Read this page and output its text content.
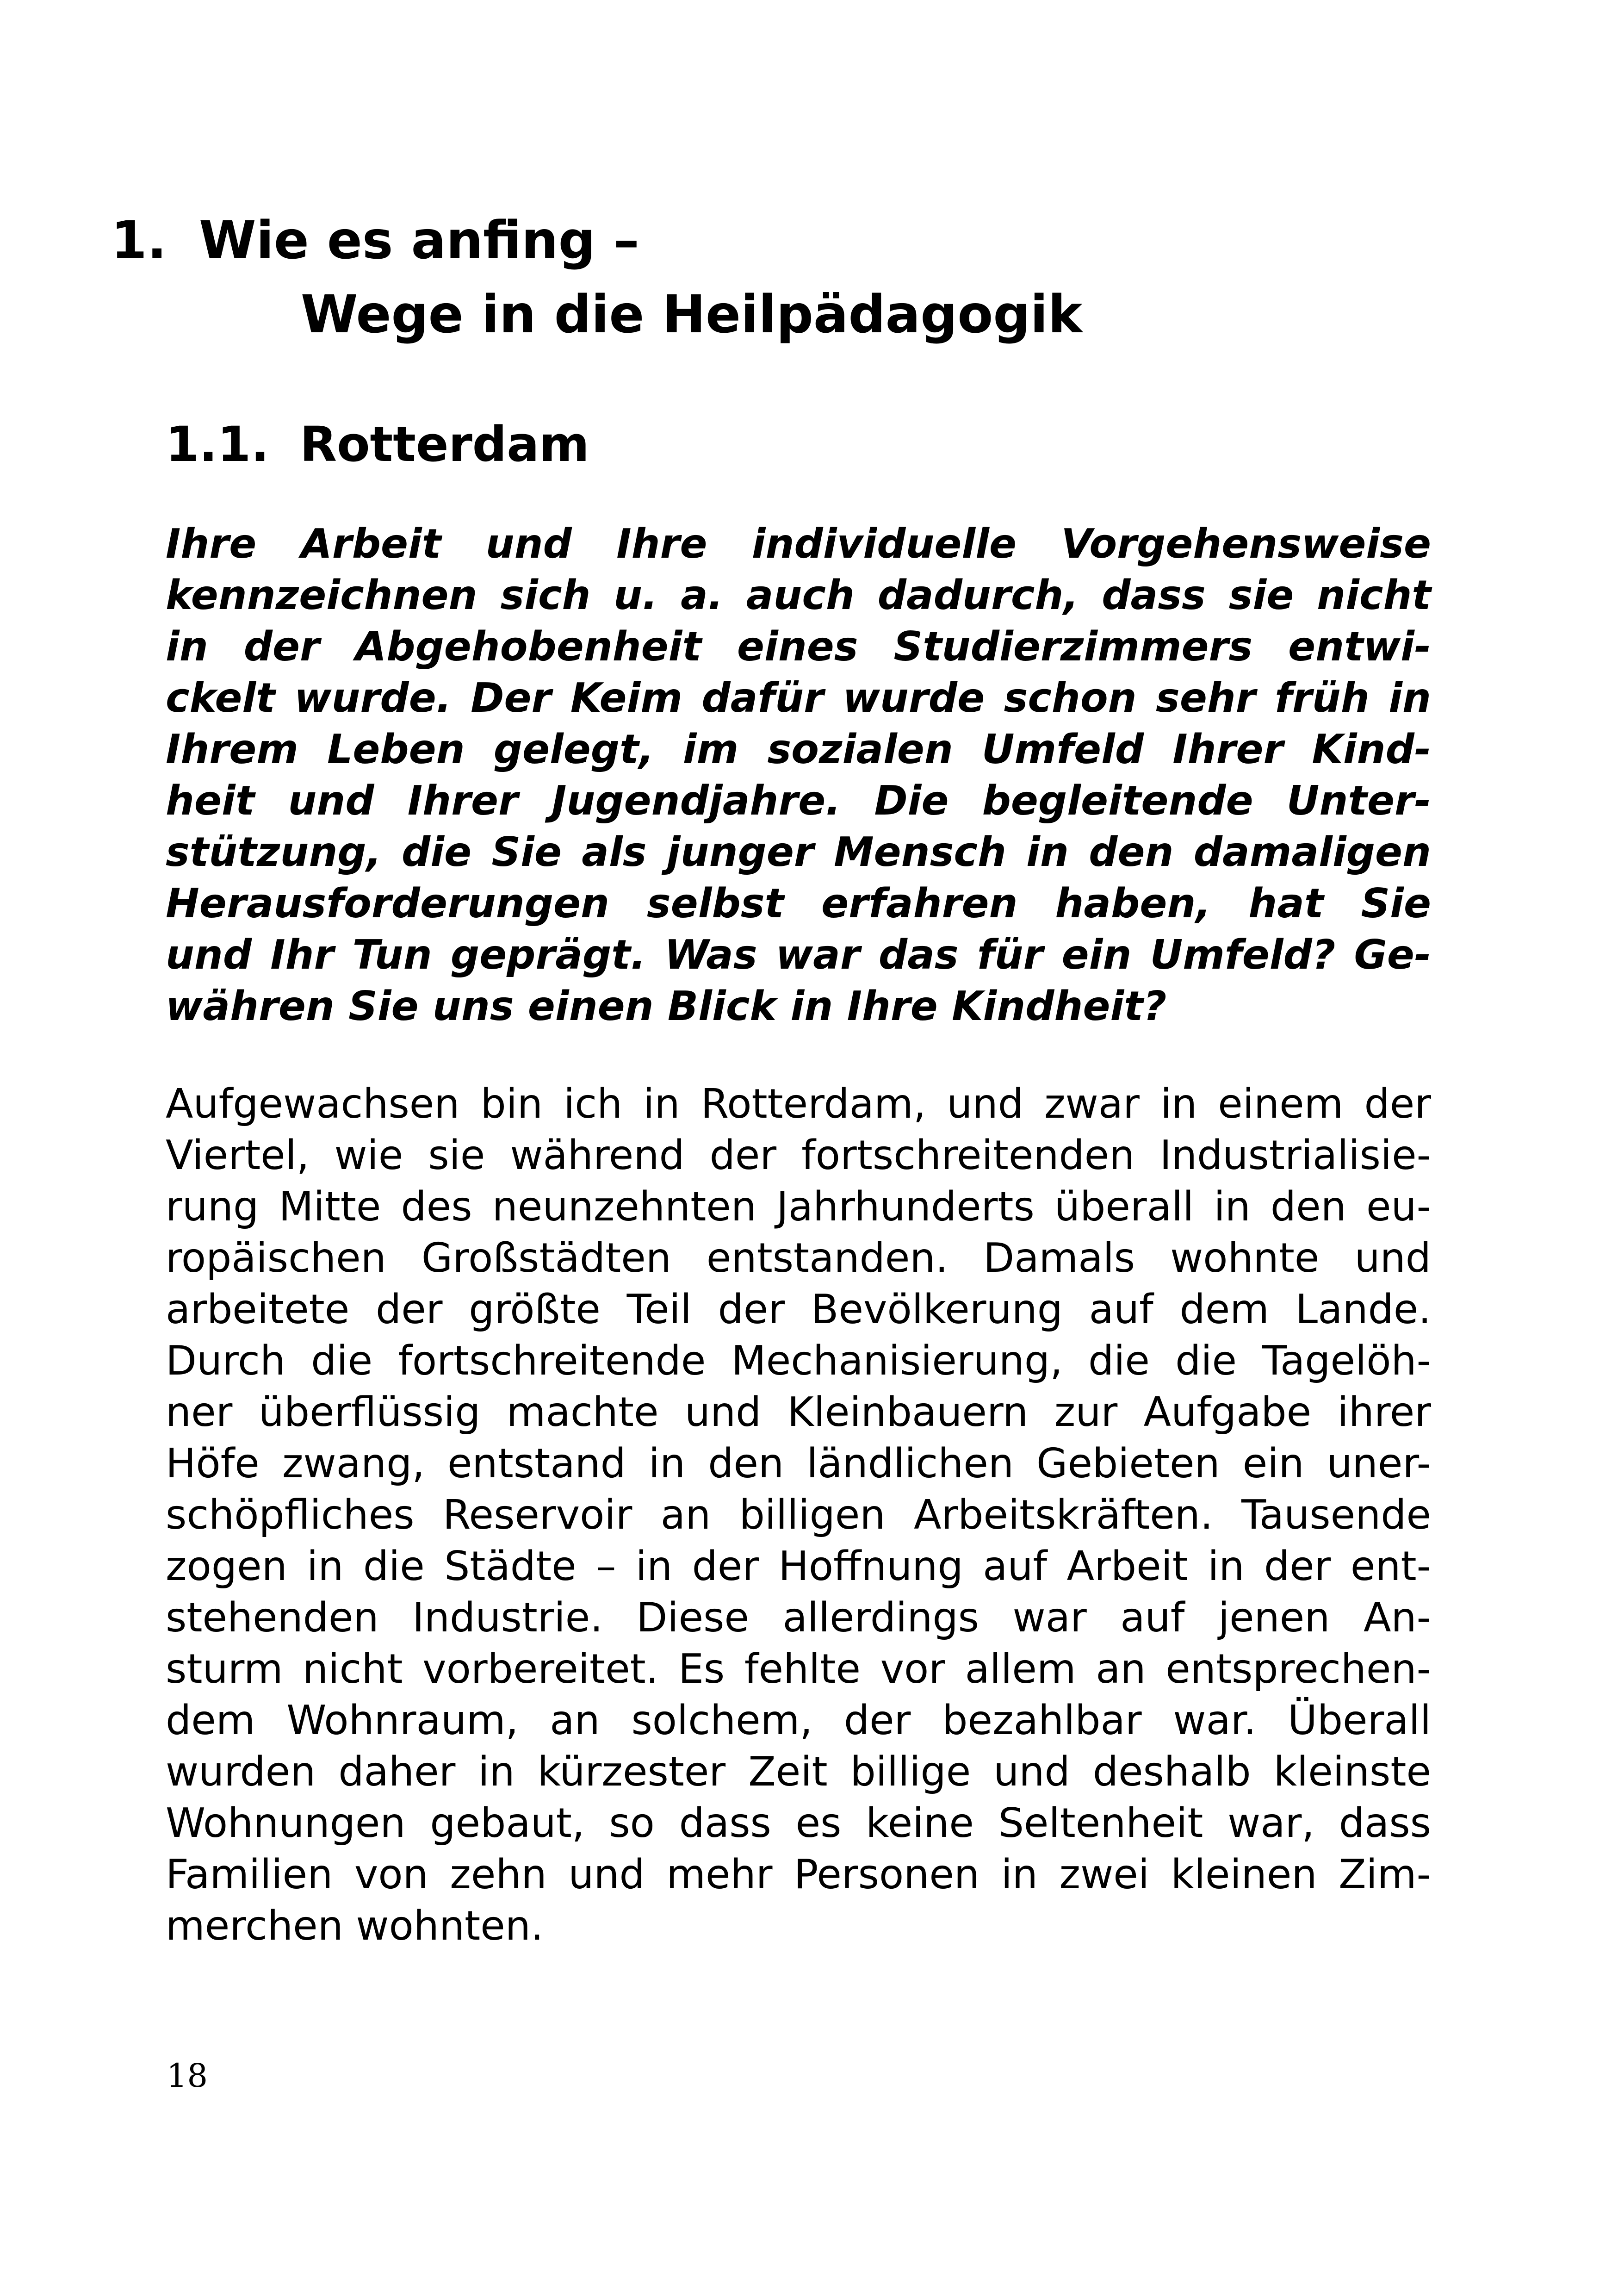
1. Wie es anfing –
Wege in die Heilpädagogik
1.1. Rotterdam
Ihre Arbeit und Ihre individuelle Vorgehensweise
kennzeichnen sich u. a. auch dadurch, dass sie nicht
in der Abgehobenheit eines Studierzimmers entwi-
ckelt wurde. Der Keim dafür wurde schon sehr früh in
Ihrem Leben gelegt, im sozialen Umfeld Ihrer Kind-
heit und Ihrer Jugendjahre. Die begleitende Unter-
stützung, die Sie als junger Mensch in den damaligen
Herausforderungen selbst erfahren haben, hat Sie
und Ihr Tun geprägt. Was war das für ein Umfeld? Ge-
währen Sie uns einen Blick in Ihre Kindheit?
Aufgewachsen bin ich in Rotterdam, und zwar in einem der
Viertel, wie sie während der fortschreitenden Industrialisie-
rung Mitte des neunzehnten Jahrhunderts überall in den eu-
ropäischen Großstädten entstanden. Damals wohnte und
arbeitete der größte Teil der Bevölkerung auf dem Lande.
Durch die fortschreitende Mechanisierung, die die Tagelöh-
ner überflüssig machte und Kleinbauern zur Aufgabe ihrer
Höfe zwang, entstand in den ländlichen Gebieten ein uner-
schöpfliches Reservoir an billigen Arbeitskräften. Tausende
zogen in die Städte – in der Hoffnung auf Arbeit in der ent-
stehenden Industrie. Diese allerdings war auf jenen An-
sturm nicht vorbereitet. Es fehlte vor allem an entsprechen-
dem Wohnraum, an solchem, der bezahlbar war. Überall
wurden daher in kürzester Zeit billige und deshalb kleinste
Wohnungen gebaut, so dass es keine Seltenheit war, dass
Familien von zehn und mehr Personen in zwei kleinen Zim-
merchen wohnten.
18
